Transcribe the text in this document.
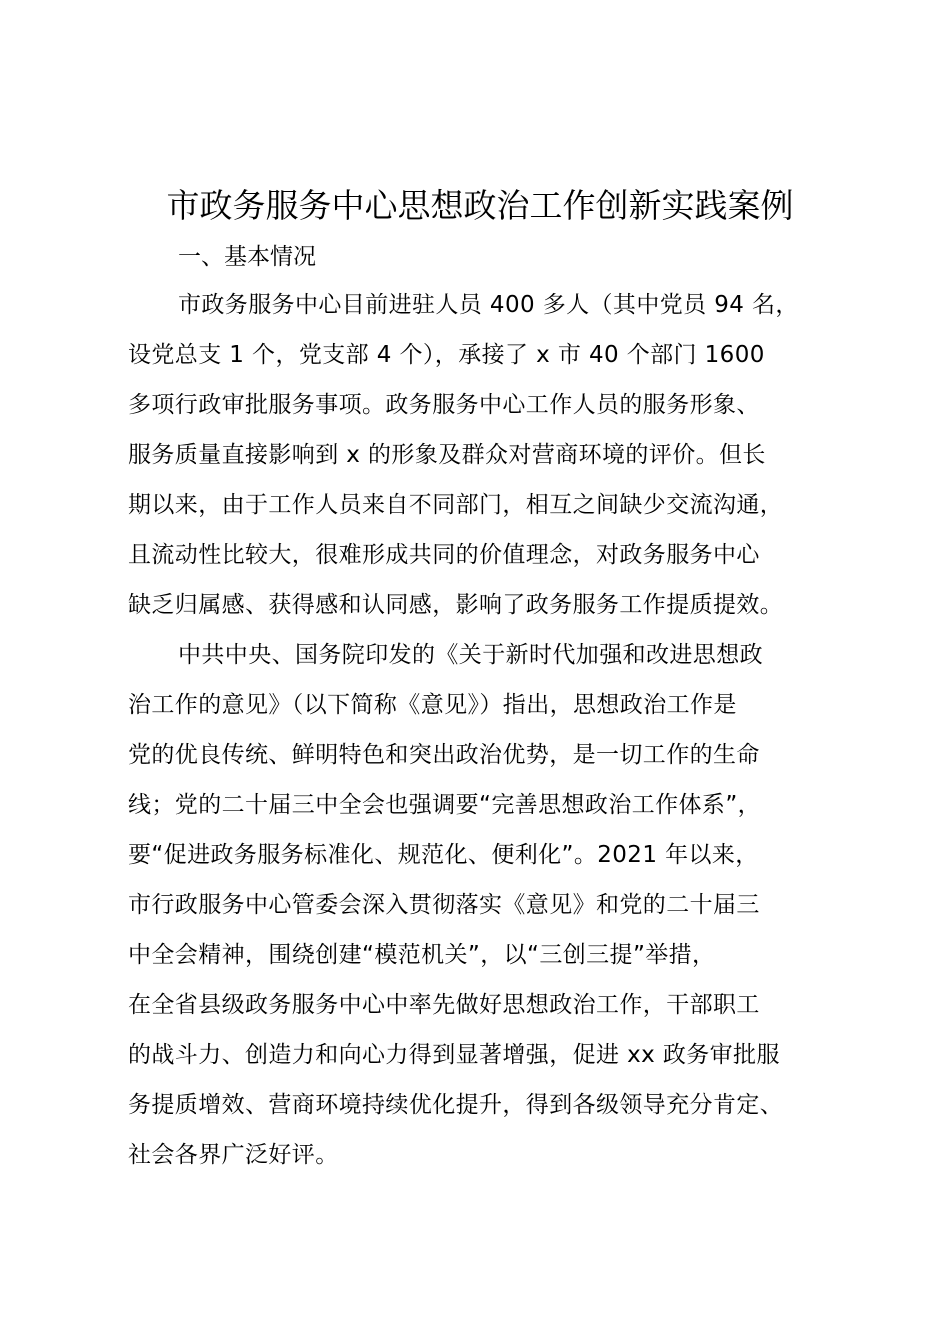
市政务服务中心思想政治工作创新实践案例
一、基本情况
市政务服务中心目前进驻人员 400 多人（其中党员 94 名，
设党总支 1 个，党支部 4 个），承接了 x 市 40 个部门 1600
多项行政审批服务事项。政务服务中心工作人员的服务形象、
服务质量直接影响到 x 的形象及群众对营商环境的评价。但长
期以来，由于工作人员来自不同部门，相互之间缺少交流沟通，
且流动性比较大，很难形成共同的价值理念，对政务服务中心
缺乏归属感、获得感和认同感，影响了政务服务工作提质提效。
中共中央、国务院印发的《关于新时代加强和改进思想政
治工作的意见》（以下简称《意见》）指出，思想政治工作是
党的优良传统、鲜明特色和突出政治优势，是一切工作的生命
线；党的二十届三中全会也强调要“完善思想政治工作体系”，
要“促进政务服务标准化、规范化、便利化”。2021 年以来，
市行政服务中心管委会深入贯彻落实《意见》和党的二十届三
中全会精神，围绕创建“模范机关”，以“三创三提”举措，
在全省县级政务服务中心中率先做好思想政治工作，干部职工
的战斗力、创造力和向心力得到显著增强，促进 xx 政务审批服
务提质增效、营商环境持续优化提升，得到各级领导充分肯定、
社会各界广泛好评。
